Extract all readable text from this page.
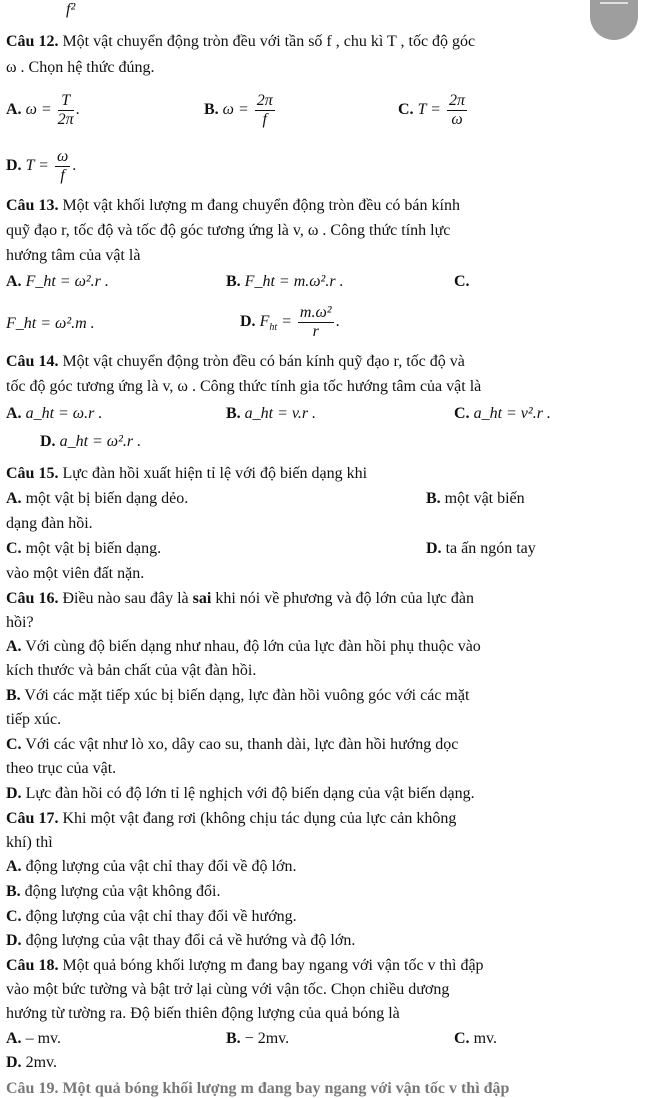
f²
Câu 12. Một vật chuyển động tròn đều với tần số f , chu kì T , tốc độ góc
ω . Chọn hệ thức đúng.
A. $\omega = \frac{T}{2\pi}$ .	B. $\omega = \frac{2\pi}{f}$	C. $T = \frac{2\pi}{\omega}$
D. $T = \frac{\omega}{f}$ .
Câu 13. Một vật khối lượng m đang chuyển động tròn đều có bán kính
quỹ đạo r, tốc độ và tốc độ góc tương ứng là v, ω . Công thức tính lực
hướng tâm của vật là
A. F_ht = ω².r .	B. F_ht = m.ω².r .	C.
F_ht = ω².m .	D. $F_{ht} = \frac{\text{m.ω²}}{r}$ .
Câu 14. Một vật chuyển động tròn đều có bán kính quỹ đạo r, tốc độ và
tốc độ góc tương ứng là v, ω . Công thức tính gia tốc hướng tâm của vật là
A. a_ht = ω.r .	B. a_ht = v.r .	C. a_ht = v².r .
D. a_ht = ω².r .
Câu 15. Lực đàn hồi xuất hiện tỉ lệ với độ biến dạng khi
A. một vật bị biến dạng dẻo.	B. một vật biến
dạng đàn hồi.
C. một vật bị biến dạng.	D. ta ấn ngón tay
vào một viên đất nặn.
Câu 16. Điều nào sau đây là sai khi nói về phương và độ lớn của lực đàn
hồi?
A. Với cùng độ biến dạng như nhau, độ lớn của lực đàn hồi phụ thuộc vào
kích thước và bản chất của vật đàn hồi.
B. Với các mặt tiếp xúc bị biến dạng, lực đàn hồi vuông góc với các mặt
tiếp xúc.
C. Với các vật như lò xo, dây cao su, thanh dài, lực đàn hồi hướng dọc
theo trục của vật.
D. Lực đàn hồi có độ lớn tỉ lệ nghịch với độ biến dạng của vật biến dạng.
Câu 17. Khi một vật đang rơi (không chịu tác dụng của lực cản không
khí) thì
A. động lượng của vật chỉ thay đổi về độ lớn.
B. động lượng của vật không đổi.
C. động lượng của vật chỉ thay đổi về hướng.
D. động lượng của vật thay đổi cả về hướng và độ lớn.
Câu 18. Một quả bóng khối lượng m đang bay ngang với vận tốc v thì đập
vào một bức tường và bật trở lại cùng với vận tốc. Chọn chiều dương
hướng từ tường ra. Độ biến thiên động lượng của quả bóng là
A. – mv.	B. − 2mv.	C. mv.
D. 2mv.
Câu 19. Một quả bóng khối lượng m đang bay ngang với vận tốc v thì đập
